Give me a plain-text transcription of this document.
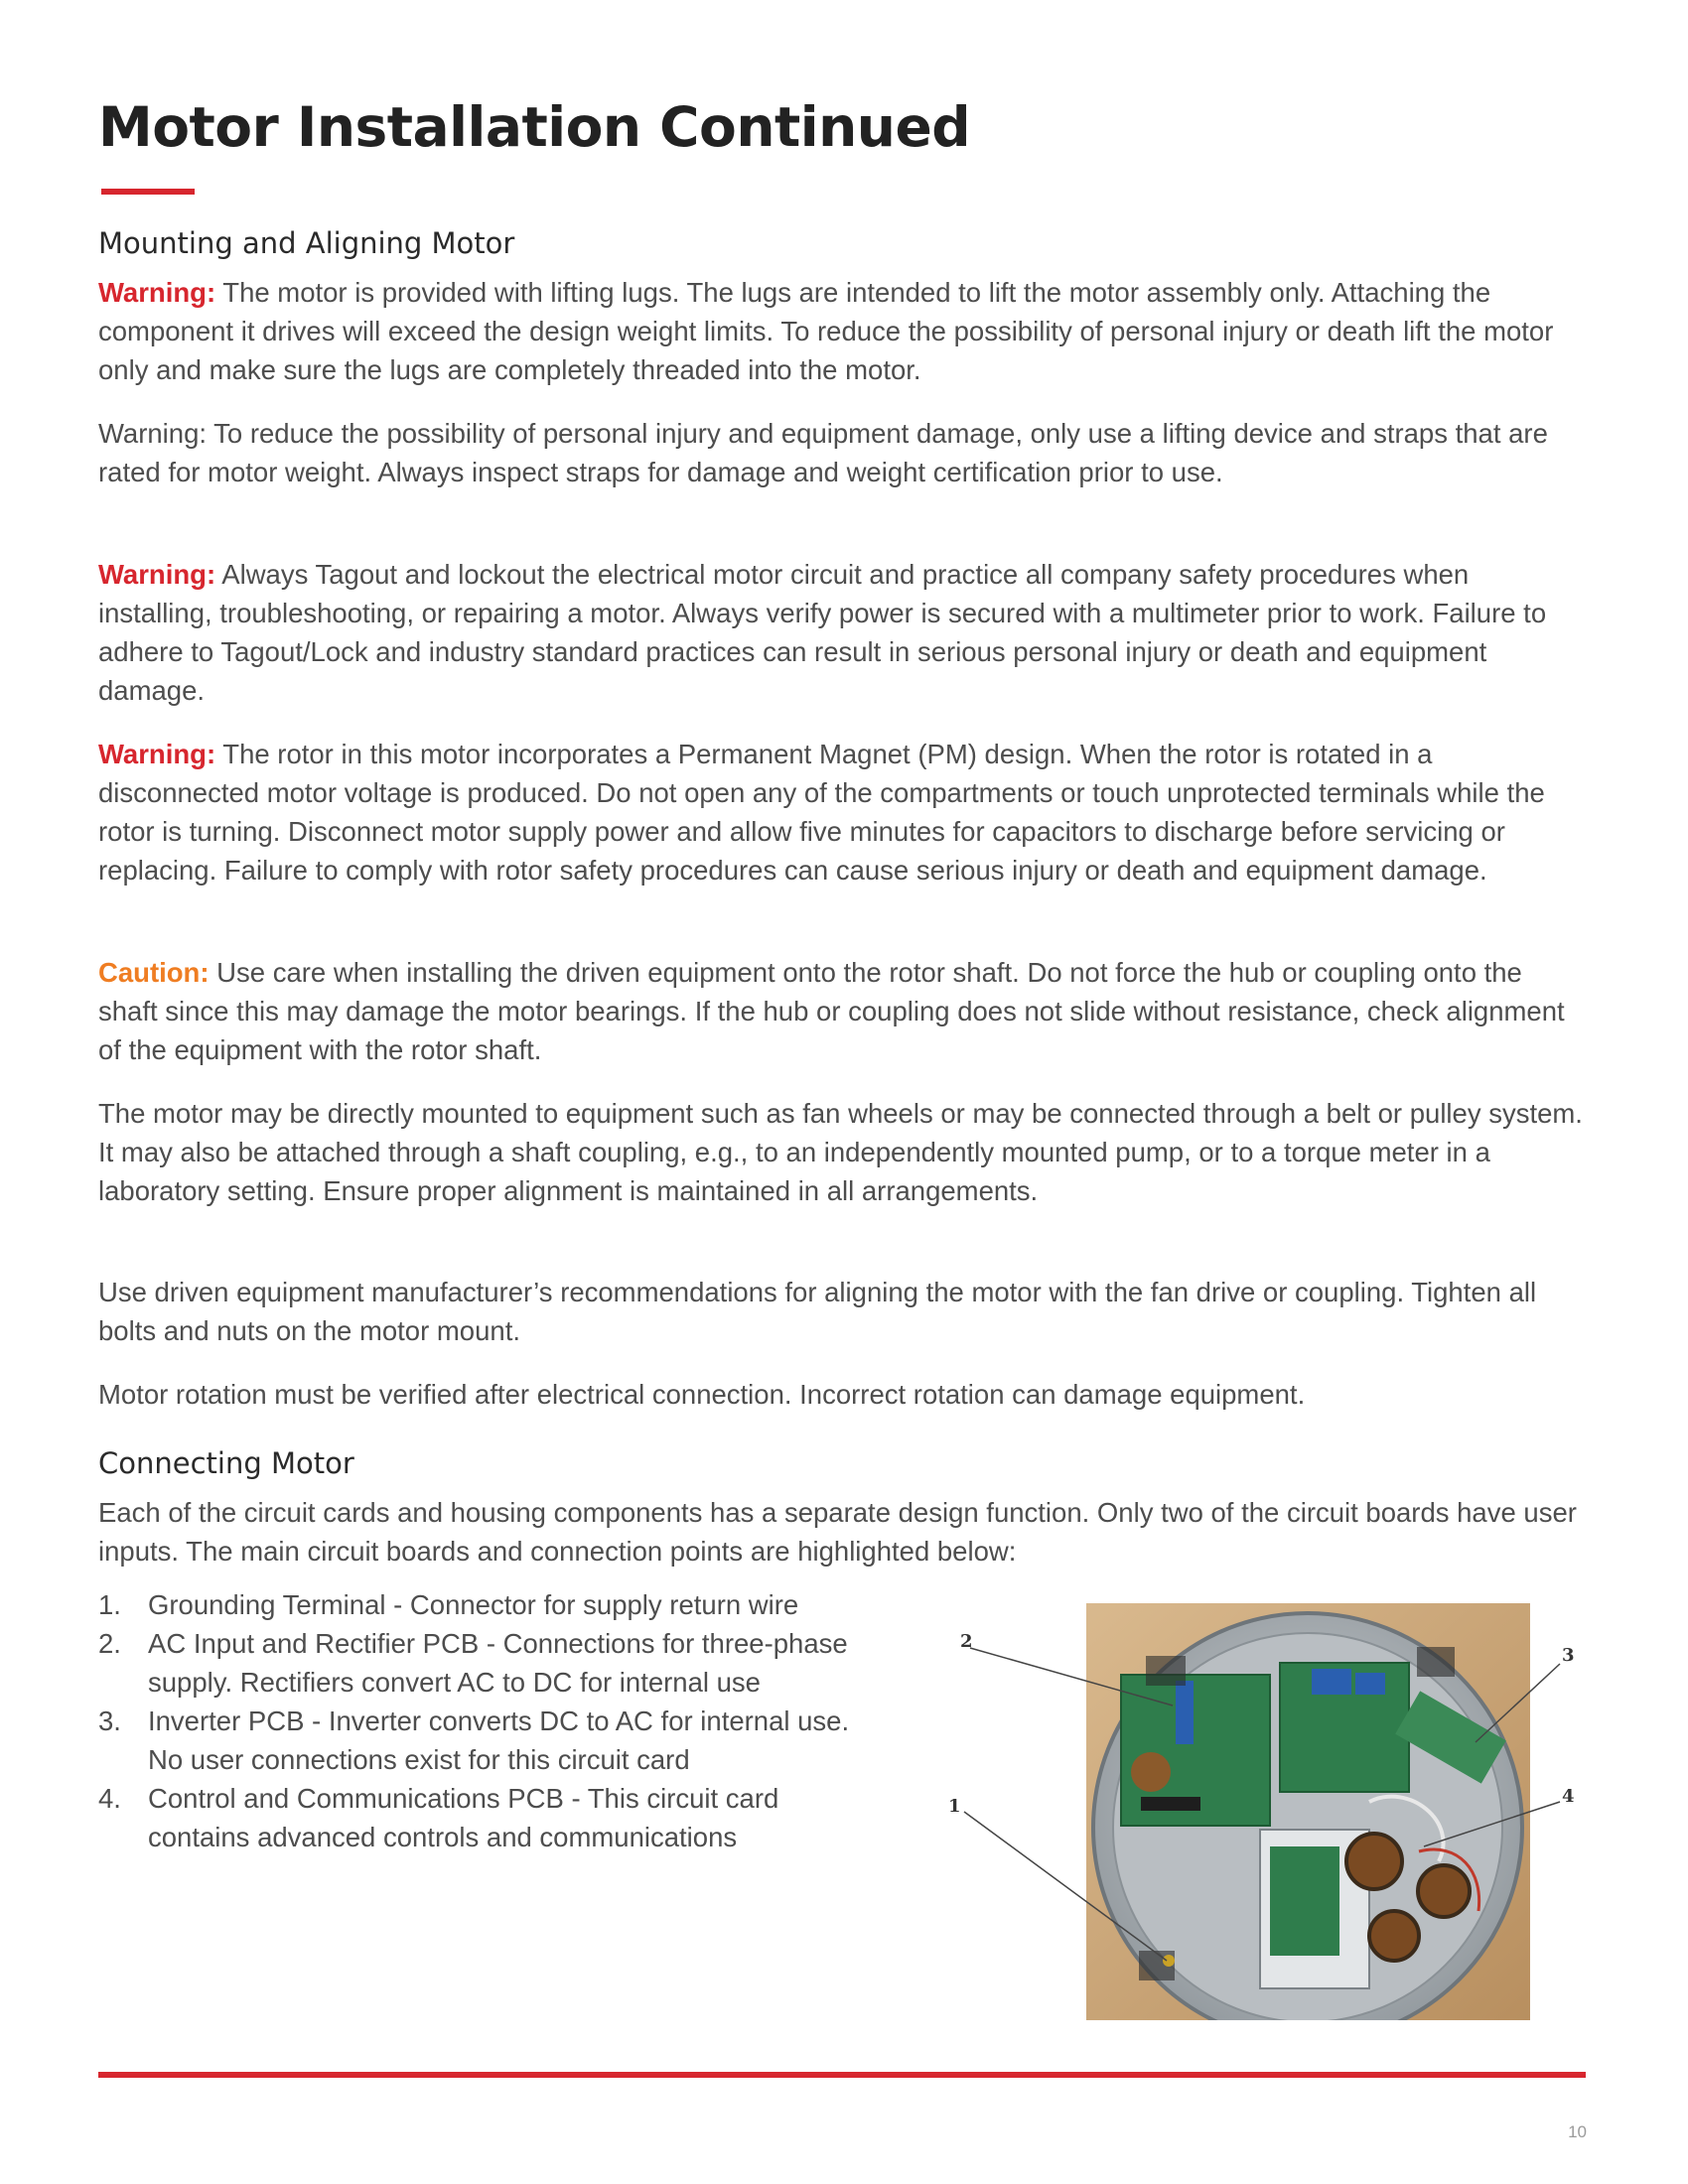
Motor Installation Continued
Mounting and Aligning Motor

Warning: The motor is provided with lifting lugs. The lugs are intended to lift the motor assembly only. Attaching the component it drives will exceed the design weight limits. To reduce the possibility of personal injury or death lift the motor only and make sure the lugs are completely threaded into the motor.

Warning: To reduce the possibility of personal injury and equipment damage, only use a lifting device and straps that are rated for motor weight. Always inspect straps for damage and weight certification prior to use.

Warning: Always Tagout and lockout the electrical motor circuit and practice all company safety procedures when installing, troubleshooting, or repairing a motor. Always verify power is secured with a multimeter prior to work. Failure to adhere to Tagout/Lock and industry standard practices can result in serious personal injury or death and equipment damage.

Warning: The rotor in this motor incorporates a Permanent Magnet (PM) design. When the rotor is rotated in a disconnected motor voltage is produced. Do not open any of the compartments or touch unprotected terminals while the rotor is turning. Disconnect motor supply power and allow five minutes for capacitors to discharge before servicing or replacing. Failure to comply with rotor safety procedures can cause serious injury or death and equipment damage.

Caution: Use care when installing the driven equipment onto the rotor shaft. Do not force the hub or coupling onto the shaft since this may damage the motor bearings. If the hub or coupling does not slide without resistance, check alignment of the equipment with the rotor shaft.

The motor may be directly mounted to equipment such as fan wheels or may be connected through a belt or pulley system. It may also be attached through a shaft coupling, e.g., to an independently mounted pump, or to a torque meter in a laboratory setting. Ensure proper alignment is maintained in all arrangements.

Use driven equipment manufacturer’s recommendations for aligning the motor with the fan drive or coupling. Tighten all bolts and nuts on the motor mount.

Motor rotation must be verified after electrical connection. Incorrect rotation can damage equipment.

Connecting Motor

Each of the circuit cards and housing components has a separate design function. Only two of the circuit boards have user inputs. The main circuit boards and connection points are highlighted below:

1. Grounding Terminal - Connector for supply return wire
2. AC Input and Rectifier PCB - Connections for three-phase supply. Rectifiers convert AC to DC for internal use
3. Inverter PCB - Inverter converts DC to AC for internal use. No user connections exist for this circuit card
4. Control and Communications PCB - This circuit card contains advanced controls and communications
2
3
1	4
10
